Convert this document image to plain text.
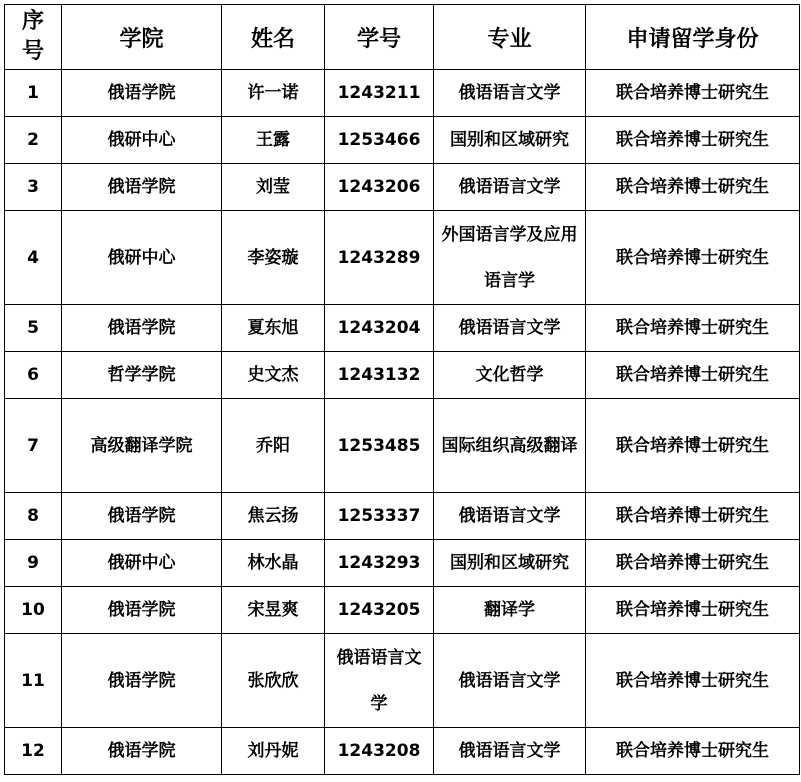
序号	学院	姓名	学号	专业	申请留学身份
1	俄语学院	许一诺	1243211	俄语语言文学	联合培养博士研究生
2	俄研中心	王露	1253466	国别和区域研究	联合培养博士研究生
3	俄语学院	刘莹	1243206	俄语语言文学	联合培养博士研究生
4	俄研中心	李姿璇	1243289	外国语言学及应用语言学	联合培养博士研究生
5	俄语学院	夏东旭	1243204	俄语语言文学	联合培养博士研究生
6	哲学学院	史文杰	1243132	文化哲学	联合培养博士研究生
7	高级翻译学院	乔阳	1253485	国际组织高级翻译	联合培养博士研究生
8	俄语学院	焦云扬	1253337	俄语语言文学	联合培养博士研究生
9	俄研中心	林水晶	1243293	国别和区域研究	联合培养博士研究生
10	俄语学院	宋昱爽	1243205	翻译学	联合培养博士研究生
11	俄语学院	张欣欣	俄语语言文学	俄语语言文学	联合培养博士研究生
12	俄语学院	刘丹妮	1243208	俄语语言文学	联合培养博士研究生
